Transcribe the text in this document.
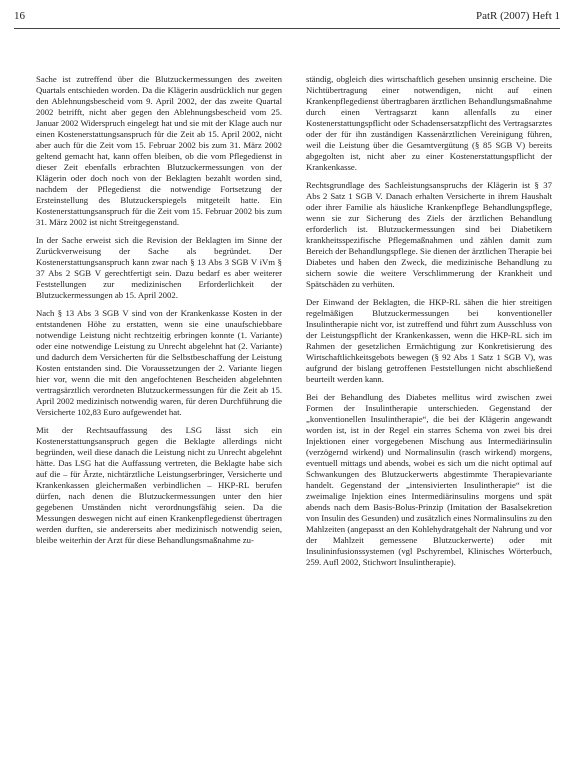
16	PatR (2007) Heft 1

Sache ist zutreffend über die Blutzuckermessungen des zweiten Quartals entschieden worden. Da die Klägerin ausdrücklich nur gegen den Ablehnungsbescheid vom 9. April 2002, der das zweite Quartal 2002 betrifft, nicht aber gegen den Ablehnungsbescheid vom 25. Januar 2002 Widerspruch eingelegt hat und sie mit der Klage auch nur einen Kostenerstattungsanspruch für die Zeit ab 15. April 2002, nicht aber auch für die Zeit vom 15. Februar 2002 bis zum 31. März 2002 geltend gemacht hat, kann offen bleiben, ob die vom Pflegedienst in dieser Zeit ebenfalls erbrachten Blutzuckermessungen von der Klägerin oder doch noch von der Beklagten bezahlt worden sind, nachdem der Pflegedienst die notwendige Fortsetzung der Ersteinstellung des Blutzuckerspiegels mitgeteilt hatte. Ein Kostenerstattungsanspruch für die Zeit vom 15. Februar 2002 bis zum 31. März 2002 ist nicht Streitgegenstand.

In der Sache erweist sich die Revision der Beklagten im Sinne der Zurückverweisung der Sache als begründet. Der Kostenerstattungsanspruch kann zwar nach § 13 Abs 3 SGB V iVm § 37 Abs 2 SGB V gerechtfertigt sein. Dazu bedarf es aber weiterer Feststellungen zur medizinischen Erforderlichkeit der Blutzuckermessungen ab 15. April 2002.

Nach § 13 Abs 3 SGB V sind von der Krankenkasse Kosten in der entstandenen Höhe zu erstatten, wenn sie eine unaufschiebbare notwendige Leistung nicht rechtzeitig erbringen konnte (1. Variante) oder eine notwendige Leistung zu Unrecht abgelehnt hat (2. Variante) und dadurch dem Versicherten für die Selbstbeschaffung der Leistung Kosten entstanden sind. Die Voraussetzungen der 2. Variante liegen hier vor, wenn die mit den angefochtenen Bescheiden abgelehnten vertragsärztlich verordneten Blutzuckermessungen für die Zeit ab 15. April 2002 medizinisch notwendig waren, für deren Durchführung die Versicherte 102,83 Euro aufgewendet hat.

Mit der Rechtsauffassung des LSG lässt sich ein Kostenerstattungsanspruch gegen die Beklagte allerdings nicht begründen, weil diese danach die Leistung nicht zu Unrecht abgelehnt hätte. Das LSG hat die Auffassung vertreten, die Beklagte habe sich auf die – für Ärzte, nichtärztliche Leistungserbringer, Versicherte und Krankenkassen gleichermaßen verbindlichen – HKP-RL berufen dürfen, nach denen die Blutzuckermessungen unter den hier gegebenen Umständen nicht verordnungsfähig seien. Da die Messungen deswegen nicht auf einen Krankenpflegedienst übertragen werden durften, sie andererseits aber medizinisch notwendig seien, bleibe weiterhin der Arzt für diese Behandlungsmaßnahme zu-

ständig, obgleich dies wirtschaftlich gesehen unsinnig erscheine. Die Nichtübertragung einer notwendigen, nicht auf einen Krankenpflegedienst übertragbaren ärztlichen Behandlungsmaßnahme durch einen Vertragsarzt kann allenfalls zu einer Kostenerstattungspflicht oder Schadensersatzpflicht des Vertragsarztes oder der für ihn zuständigen Kassenärztlichen Vereinigung führen, weil die Leistung über die Gesamtvergütung (§ 85 SGB V) bereits abgegolten ist, nicht aber zu einer Kostenerstattungspflicht der Krankenkasse.

Rechtsgrundlage des Sachleistungsanspruchs der Klägerin ist § 37 Abs 2 Satz 1 SGB V. Danach erhalten Versicherte in ihrem Haushalt oder ihrer Familie als häusliche Krankenpflege Behandlungspflege, wenn sie zur Sicherung des Ziels der ärztlichen Behandlung erforderlich ist. Blutzuckermessungen sind bei Diabetikern krankheitsspezifische Pflegemaßnahmen und zählen damit zum Bereich der Behandlungspflege. Sie dienen der ärztlichen Therapie bei Diabetes und haben den Zweck, die medizinische Behandlung zu sichern sowie die weitere Verschlimmerung der Krankheit und Spätschäden zu verhüten.

Der Einwand der Beklagten, die HKP-RL sähen die hier streitigen regelmäßigen Blutzuckermessungen bei konventioneller Insulintherapie nicht vor, ist zutreffend und führt zum Ausschluss von der Leistungspflicht der Krankenkassen, wenn die HKP-RL sich im Rahmen der gesetzlichen Ermächtigung zur Konkretisierung des Wirtschaftlichkeitsgebots bewegen (§ 92 Abs 1 Satz 1 SGB V), was aufgrund der bislang getroffenen Feststellungen nicht abschließend beurteilt werden kann.

Bei der Behandlung des Diabetes mellitus wird zwischen zwei Formen der Insulintherapie unterschieden. Gegenstand der „konventionellen Insulintherapie“, die bei der Klägerin angewandt worden ist, ist in der Regel ein starres Schema von zwei bis drei Injektionen einer vorgegebenen Mischung aus Intermediärinsulin (verzögernd wirkend) und Normalinsulin (rasch wirkend) morgens, eventuell mittags und abends, wobei es sich um die nicht optimal auf Schwankungen des Blutzuckerwerts abgestimmte Therapievariante handelt. Gegenstand der „intensivierten Insulintherapie“ ist die zweimalige Injektion eines Intermediärinsulins morgens und spät abends nach dem Basis-Bolus-Prinzip (Imitation der Basalsekretion von Insulin des Gesunden) und zusätzlich eines Normalinsulins zu den Mahlzeiten (angepasst an den Kohlehydratgehalt der Nahrung und vor der Mahlzeit gemessene Blutzuckerwerte) oder mit Insulininfusionssystemen (vgl Pschyrembel, Klinisches Wörterbuch, 259. Aufl 2002, Stichwort Insulintherapie).
